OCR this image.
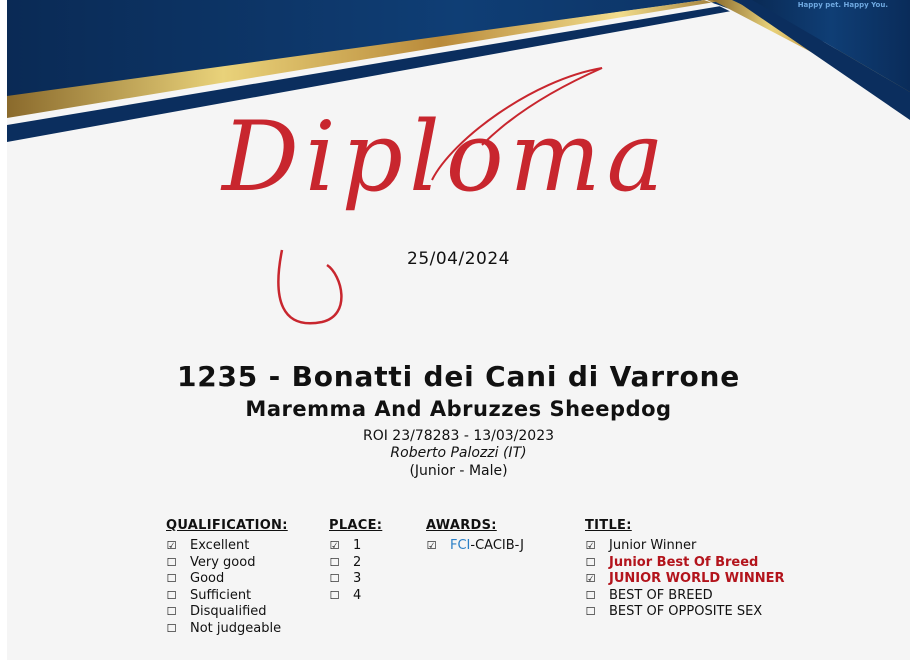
Happy pet. Happy You.
Diploma
25/04/2024
1235 - Bonatti dei Cani di Varrone
Maremma And Abruzzes Sheepdog
ROI 23/78283 - 13/03/2023
Roberto Palozzi (IT)
(Junior - Male)
QUALIFICATION:
☑ Excellent
☐ Very good
☐ Good
☐ Sufficient
☐ Disqualified
☐ Not judgeable
PLACE:
☑ 1
☐ 2
☐ 3
☐ 4
AWARDS:
☑ FCI-CACIB-J
TITLE:
☑ Junior Winner
☐ Junior Best Of Breed
☑ JUNIOR WORLD WINNER
☐ BEST OF BREED
☐ BEST OF OPPOSITE SEX
